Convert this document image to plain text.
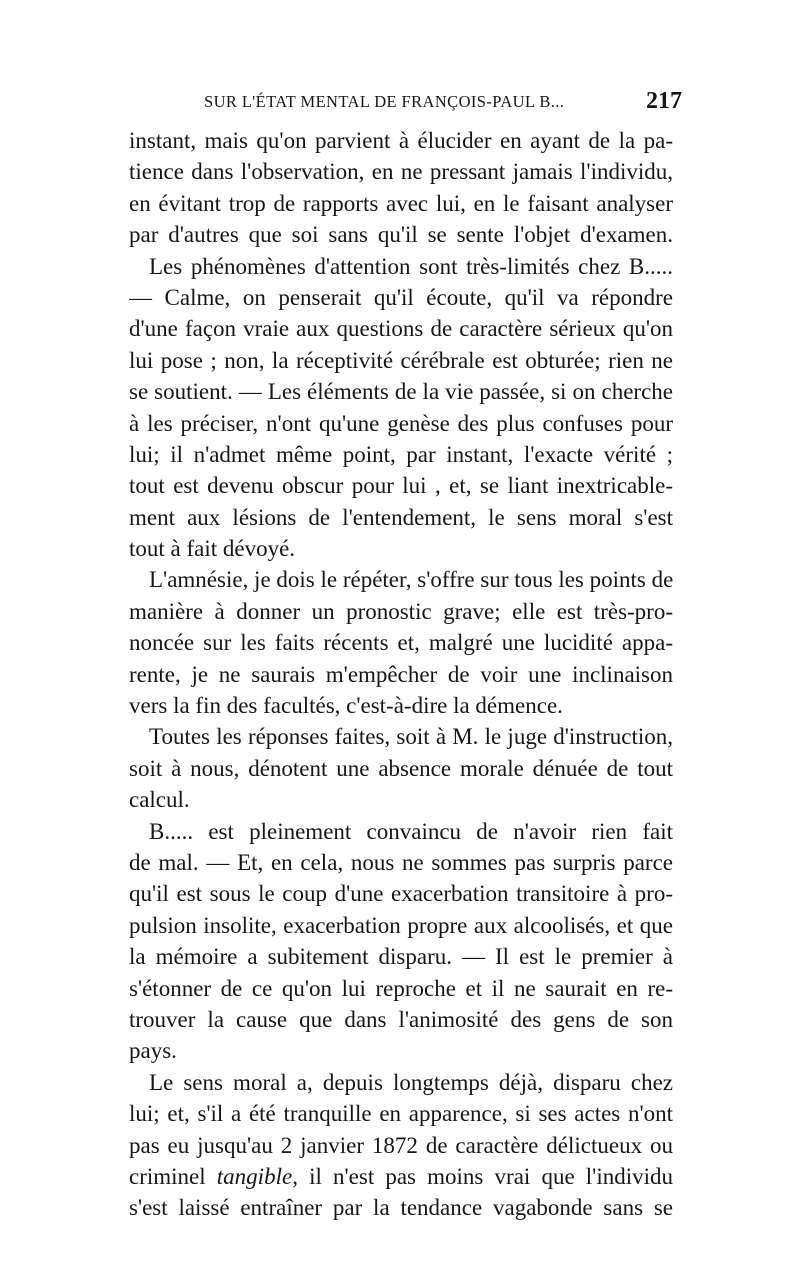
SUR L'ÉTAT MENTAL DE FRANÇOIS-PAUL B...	217
instant, mais qu'on parvient à élucider en ayant de la pa-
tience dans l'observation, en ne pressant jamais l'individu,
en évitant trop de rapports avec lui, en le faisant analyser
par d'autres que soi sans qu'il se sente l'objet d'examen.
Les phénomènes d'attention sont très-limités chez B.....
— Calme, on penserait qu'il écoute, qu'il va répondre
d'une façon vraie aux questions de caractère sérieux qu'on
lui pose ; non, la réceptivité cérébrale est obturée; rien ne
se soutient. — Les éléments de la vie passée, si on cherche
à les préciser, n'ont qu'une genèse des plus confuses pour
lui; il n'admet même point, par instant, l'exacte vérité ;
tout est devenu obscur pour lui , et, se liant inextricable-
ment aux lésions de l'entendement, le sens moral s'est
tout à fait dévoyé.
L'amnésie, je dois le répéter, s'offre sur tous les points de
manière à donner un pronostic grave; elle est très-pro-
noncée sur les faits récents et, malgré une lucidité appa-
rente, je ne saurais m'empêcher de voir une inclinaison
vers la fin des facultés, c'est-à-dire la démence.
Toutes les réponses faites, soit à M. le juge d'instruction,
soit à nous, dénotent une absence morale dénuée de tout
calcul.
B..... est pleinement convaincu de n'avoir rien fait
de mal. — Et, en cela, nous ne sommes pas surpris parce
qu'il est sous le coup d'une exacerbation transitoire à pro-
pulsion insolite, exacerbation propre aux alcoolisés, et que
la mémoire a subitement disparu. — Il est le premier à
s'étonner de ce qu'on lui reproche et il ne saurait en re-
trouver la cause que dans l'animosité des gens de son
pays.
Le sens moral a, depuis longtemps déjà, disparu chez
lui; et, s'il a été tranquille en apparence, si ses actes n'ont
pas eu jusqu'au 2 janvier 1872 de caractère délictueux ou
criminel tangible, il n'est pas moins vrai que l'individu
s'est laissé entraîner par la tendance vagabonde sans se
